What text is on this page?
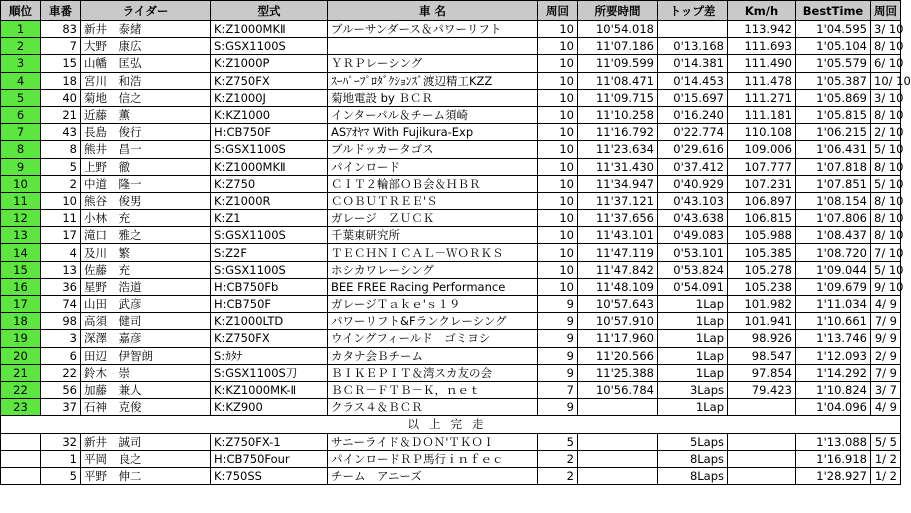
順位	車番	ライダー	型式	車 名	周回	所要時間	トップ差	Km/h	BestTime	周回
1	83	新井　泰緒	K:Z1000MKⅡ	ブルーサンダース＆パワーリフト	10	10'54.018		113.942	1'04.595	3/ 10
2	7	大野　康広	S:GSX1100S		10	11'07.186	0'13.168	111.693	1'05.104	8/ 10
3	15	山幡　匡弘	K:Z1000P	ＹＲＰレーシング	10	11'09.599	0'14.381	111.490	1'05.579	6/ 10
4	18	宮川　和浩	K:Z750FX	ｽｰﾊﾟｰﾌﾟﾛﾀﾞｸｼｮﾝｽﾞ渡辺精工KZZ	10	11'08.471	0'14.453	111.478	1'05.387	10/ 10
5	40	菊地　信之	K:Z1000J	菊地電設 by ＢＣＲ	10	11'09.715	0'15.697	111.271	1'05.869	3/ 10
6	21	近藤　薫	K:KZ1000	インターパル＆チーム須崎	10	11'10.258	0'16.240	111.181	1'05.815	8/ 10
7	43	長島　俊行	H:CB750F	ASｱｵﾔﾏ With Fujikura-Exp	10	11'16.792	0'22.774	110.108	1'06.215	2/ 10
8	8	熊井　昌一	S:GSX1100S	ブルドッカータゴス	10	11'23.634	0'29.616	109.006	1'06.431	5/ 10
9	5	上野　徹	K:Z1000MKⅡ	パインロード	10	11'31.430	0'37.412	107.777	1'07.818	8/ 10
10	2	中道　隆一	K:Z750	ＣＩＴ２輪部ＯＢ会＆ＨＢＲ	10	11'34.947	0'40.929	107.231	1'07.851	5/ 10
11	10	熊谷　俊男	K:Z1000R	ＣＯＢＵＴＲＥＥ'Ｓ	10	11'37.121	0'43.103	106.897	1'08.154	8/ 10
12	11	小林　充	K:Z1	ガレージ　ＺＵＣＫ	10	11'37.656	0'43.638	106.815	1'07.806	8/ 10
13	17	滝口　雅之	S:GSX1100S	千葉東研究所	10	11'43.101	0'49.083	105.988	1'08.437	8/ 10
14	4	及川　繁	S:Z2F	ＴＥＣＨＮＩＣＡＬ－ＷＯＲＫＳ	10	11'47.119	0'53.101	105.385	1'08.720	7/ 10
15	13	佐藤　充	S:GSX1100S	ホシカワレーシング	10	11'47.842	0'53.824	105.278	1'09.044	5/ 10
16	36	星野　浩道	H:CB750Fb	BEE FREE Racing Performance	10	11'48.109	0'54.091	105.238	1'09.679	9/ 10
17	74	山田　武彦	H:CB750F	ガレージＴａｋｅ'ｓ１９	9	10'57.643	1Lap	101.982	1'11.034	4/ 9
18	98	高須　健司	K:Z1000LTD	パワーリフト&Fランクレーシング	9	10'57.910	1Lap	101.941	1'10.661	7/ 9
19	3	深澤　嘉彦	K:Z750FX	ウイングフィールド　ゴミヨシ	9	11'17.960	1Lap	98.926	1'13.746	9/ 9
20	6	田辺　伊智朗	S:ｶﾀﾅ	カタナ会Ｂチーム	9	11'20.566	1Lap	98.547	1'12.093	2/ 9
21	22	鈴木　崇	S:GSX1100S刀	ＢＩＫＥＰＩＴ＆湾スカ友の会	9	11'25.388	1Lap	97.854	1'14.292	7/ 9
22	56	加藤　兼人	K:KZ1000MK-Ⅱ	ＢＣＲ－ＦＴＢ－Ｋ，ｎｅｔ	7	10'56.784	3Laps	79.423	1'10.824	3/ 7
23	37	石神　克俊	K:KZ900	クラス４＆ＢＣＲ	9		1Lap		1'04.096	4/ 9
以上完走										
	32	新井　誠司	K:Z750FX-1	サニーライド＆ＤＯＮ'ＴＫＯＩ	5		5Laps		1'13.088	5/ 5
	1	平岡　良之	H:CB750Four	パインロードＲＰ馬行ｉｎｆｅｃ	2		8Laps		1'16.918	1/ 2
	5	平野　伸二	K:750SS	チーム　アニーズ	2		8Laps		1'28.927	1/ 2
